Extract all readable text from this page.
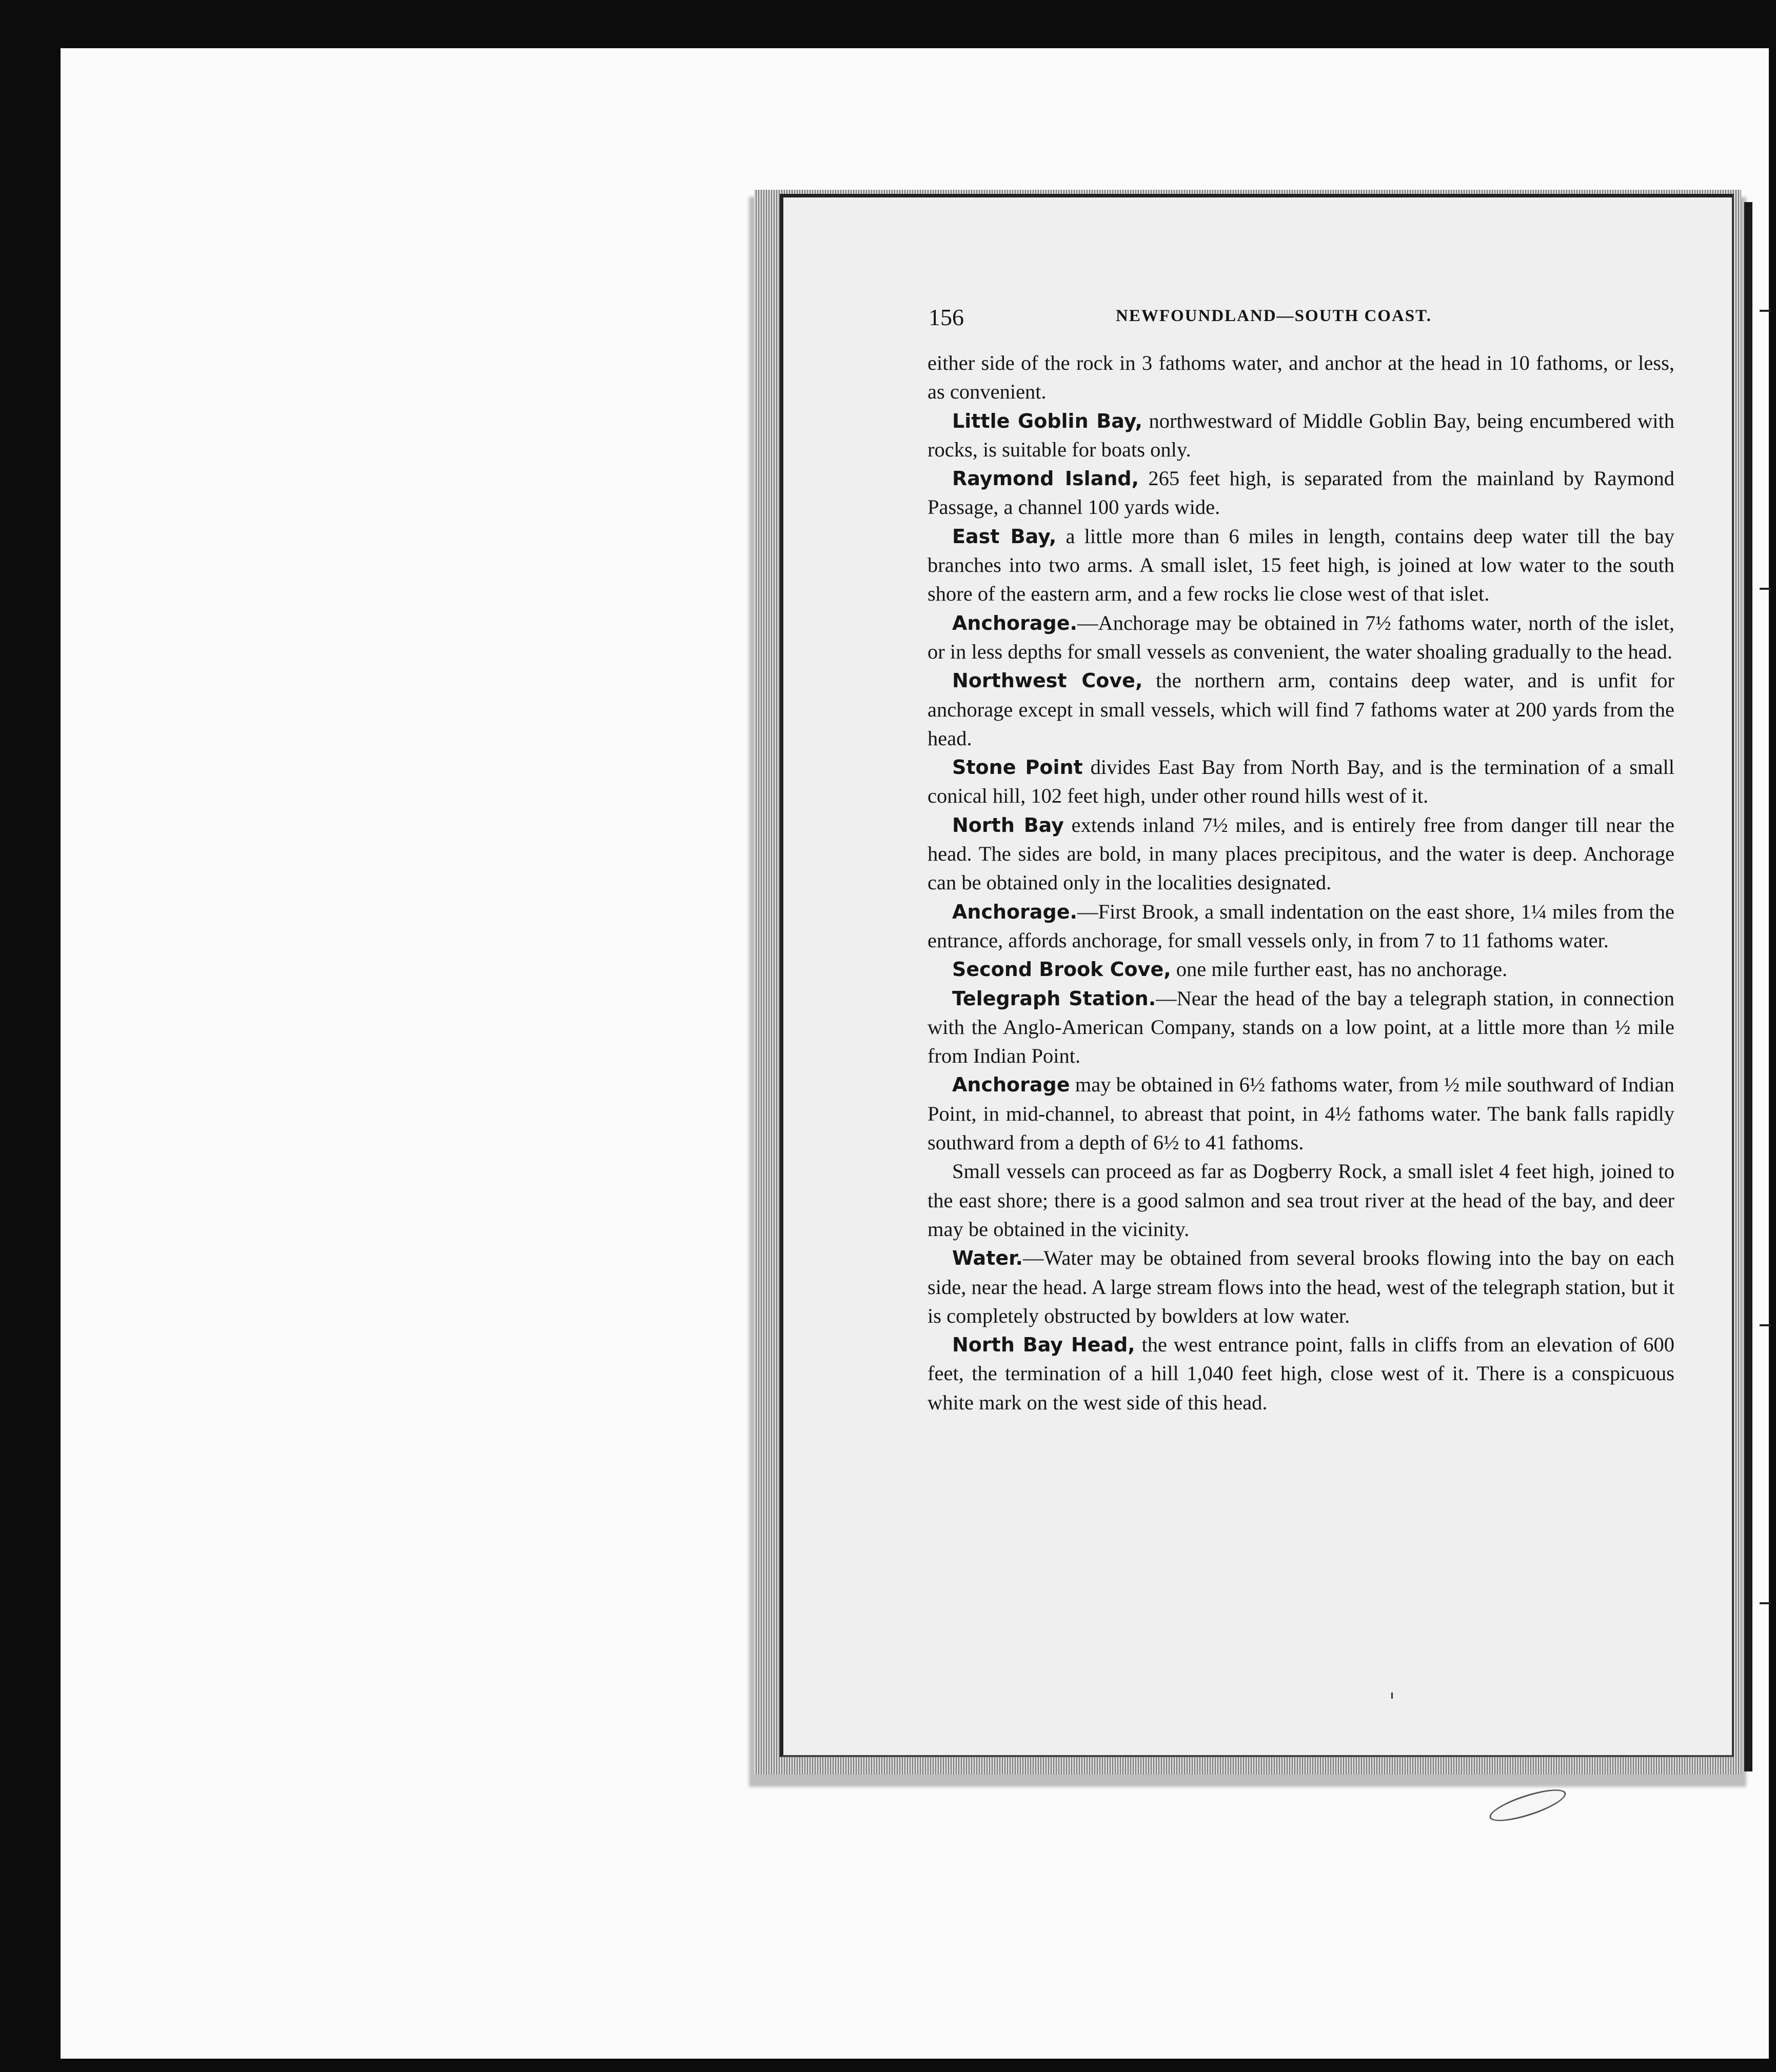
156	NEWFOUNDLAND—SOUTH COAST.

either side of the rock in 3 fathoms water, and anchor at the head in 10 fathoms, or less, as convenient.

Little Goblin Bay, northwestward of Middle Goblin Bay, being encumbered with rocks, is suitable for boats only.

Raymond Island, 265 feet high, is separated from the mainland by Raymond Passage, a channel 100 yards wide.

East Bay, a little more than 6 miles in length, contains deep water till the bay branches into two arms. A small islet, 15 feet high, is joined at low water to the south shore of the eastern arm, and a few rocks lie close west of that islet.

Anchorage.—Anchorage may be obtained in 7½ fathoms water, north of the islet, or in less depths for small vessels as convenient, the water shoaling gradually to the head.

Northwest Cove, the northern arm, contains deep water, and is unfit for anchorage except in small vessels, which will find 7 fathoms water at 200 yards from the head.

Stone Point divides East Bay from North Bay, and is the termination of a small conical hill, 102 feet high, under other round hills west of it.

North Bay extends inland 7½ miles, and is entirely free from danger till near the head. The sides are bold, in many places precipitous, and the water is deep. Anchorage can be obtained only in the localities designated.

Anchorage.—First Brook, a small indentation on the east shore, 1¼ miles from the entrance, affords anchorage, for small vessels only, in from 7 to 11 fathoms water.

Second Brook Cove, one mile further east, has no anchorage.

Telegraph Station.—Near the head of the bay a telegraph station, in connection with the Anglo-American Company, stands on a low point, at a little more than ½ mile from Indian Point.

Anchorage may be obtained in 6½ fathoms water, from ½ mile southward of Indian Point, in mid-channel, to abreast that point, in 4½ fathoms water. The bank falls rapidly southward from a depth of 6½ to 41 fathoms.

Small vessels can proceed as far as Dogberry Rock, a small islet 4 feet high, joined to the east shore; there is a good salmon and sea trout river at the head of the bay, and deer may be obtained in the vicinity.

Water.—Water may be obtained from several brooks flowing into the bay on each side, near the head. A large stream flows into the head, west of the telegraph station, but it is completely obstructed by bowlders at low water.

North Bay Head, the west entrance point, falls in cliffs from an elevation of 600 feet, the termination of a hill 1,040 feet high, close west of it. There is a conspicuous white mark on the west side of this head.
